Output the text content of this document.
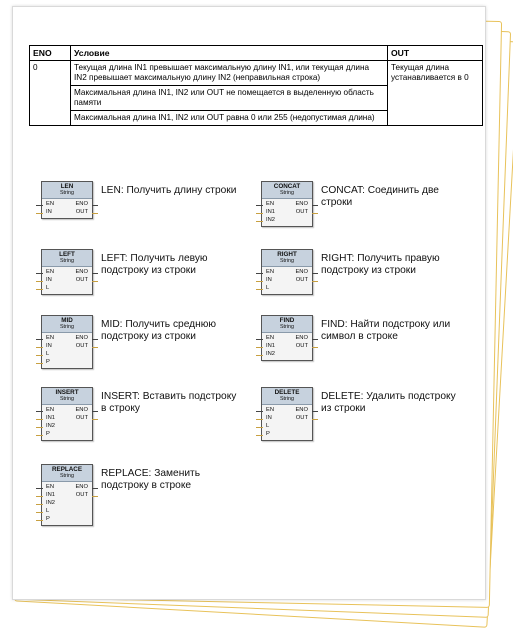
ENO	Условие	OUT
0	Текущая длина IN1 превышает максимальную длину IN1, или текущая длина IN2 превышает максимальную длину IN2 (неправильная строка)	Текущая длина устанавливается в 0
	Максимальная длина IN1, IN2 или OUT не помещается в выделенную область памяти	
	Максимальная длина IN1, IN2 или OUT равна 0 или 255 (недопустимая длина)	
LEN
String
EN
IN
ENO
OUT
LEN: Получить длину строки	CONCAT
String
EN
IN1
IN2
ENO
OUT
CONCAT: Соединить две строки
LEFT
String
EN
IN
L
ENO
OUT
LEFT: Получить левую подстроку из строки
RIGHT
String
EN
IN
L
ENO
OUT
RIGHT: Получить правую подстроку из строки
MID
String
EN
IN
L
P
ENO
OUT
MID: Получить среднюю подстроку из строки
FIND
String
EN
IN1
IN2
ENO
OUT
FIND: Найти подстроку или символ в строке
INSERT
String
EN
IN1
IN2
P
ENO
OUT
INSERT: Вставить подстроку в строку
DELETE
String
EN
IN
L
P
ENO
OUT
DELETE: Удалить подстроку из строки
REPLACE
String
EN
IN1
IN2
L
P
ENO
OUT
REPLACE: Заменить подстроку в строке
